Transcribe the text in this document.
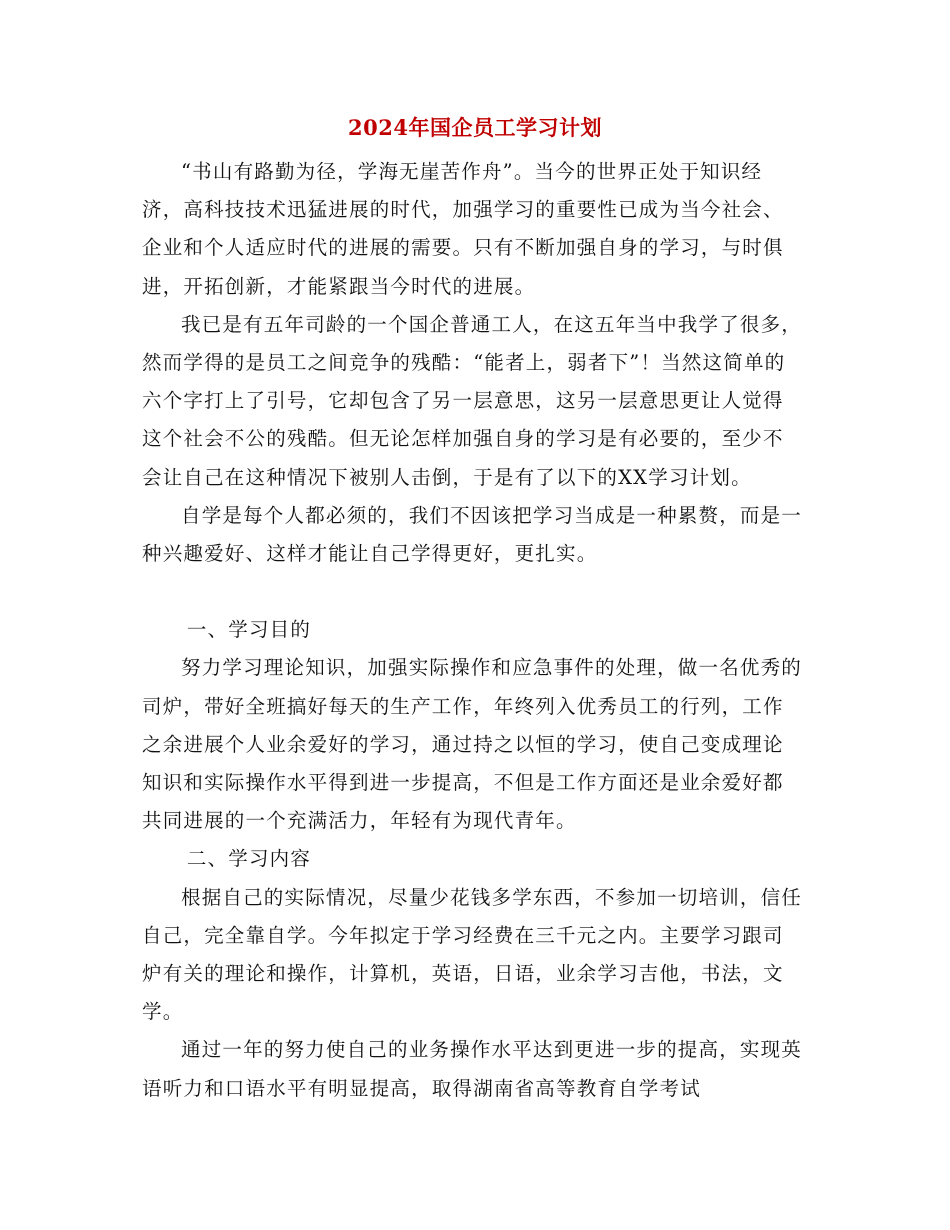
2024年国企员工学习计划

“书山有路勤为径，学海无崖苦作舟”。当今的世界正处于知识经济，高科技技术迅猛进展的时代，加强学习的重要性已成为当今社会、企业和个人适应时代的进展的需要。只有不断加强自身的学习，与时俱进，开拓创新，才能紧跟当今时代的进展。

我已是有五年司龄的一个国企普通工人，在这五年当中我学了很多，然而学得的是员工之间竞争的残酷：“能者上，弱者下”！当然这简单的六个字打上了引号，它却包含了另一层意思，这另一层意思更让人觉得这个社会不公的残酷。但无论怎样加强自身的学习是有必要的，至少不会让自己在这种情况下被别人击倒，于是有了以下的XX学习计划。

自学是每个人都必须的，我们不因该把学习当成是一种累赘，而是一种兴趣爱好、这样才能让自己学得更好，更扎实。

一、学习目的

努力学习理论知识，加强实际操作和应急事件的处理，做一名优秀的司炉，带好全班搞好每天的生产工作，年终列入优秀员工的行列，工作之余进展个人业余爱好的学习，通过持之以恒的学习，使自己变成理论知识和实际操作水平得到进一步提高，不但是工作方面还是业余爱好都共同进展的一个充满活力，年轻有为现代青年。

二、学习内容

根据自己的实际情况，尽量少花钱多学东西，不参加一切培训，信任自己，完全靠自学。今年拟定于学习经费在三千元之内。主要学习跟司炉有关的理论和操作，计算机，英语，日语，业余学习吉他，书法，文学。

通过一年的努力使自己的业务操作水平达到更进一步的提高，实现英语听力和口语水平有明显提高，取得湖南省高等教育自学考试
